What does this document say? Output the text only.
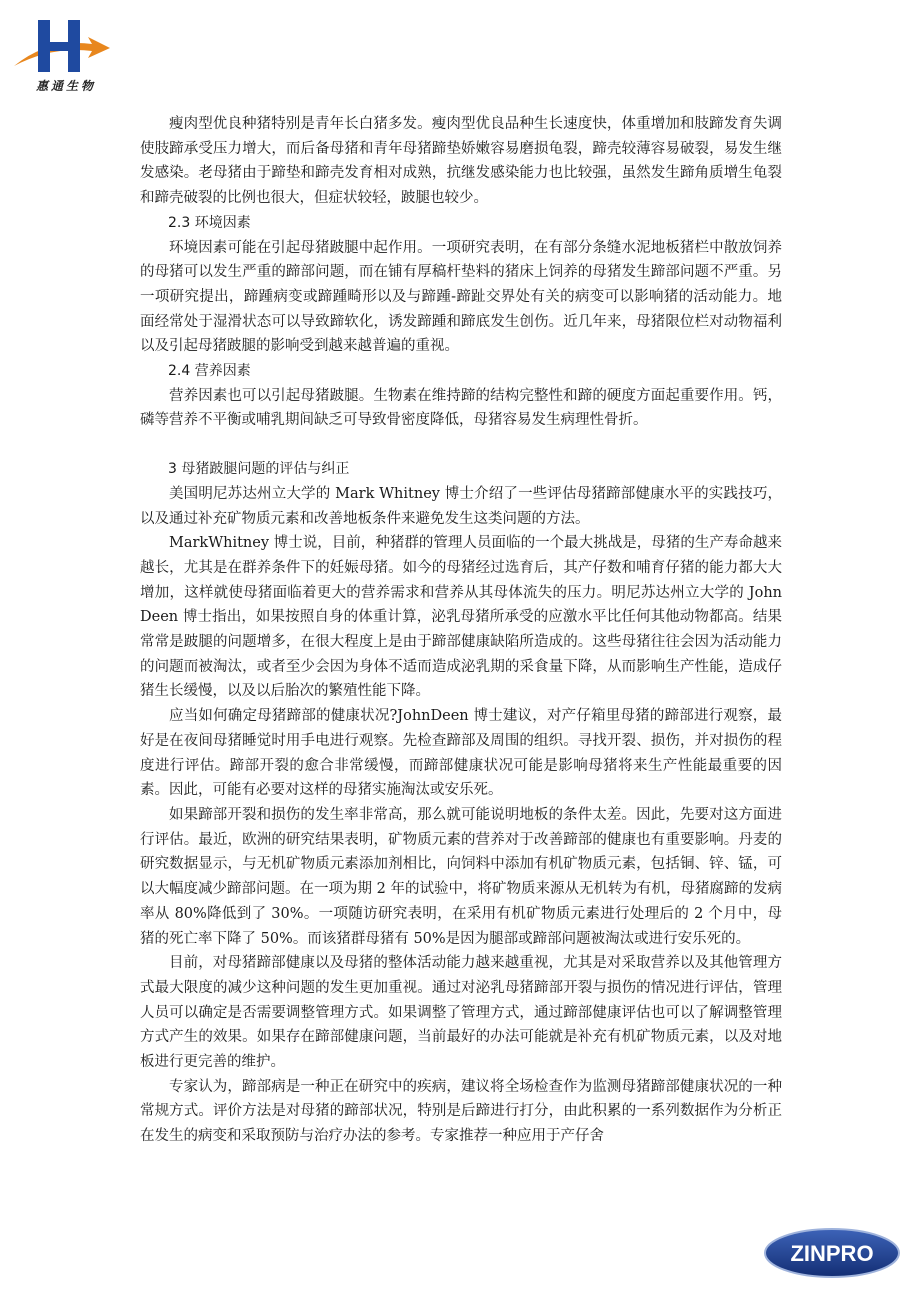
惠通生物

瘦肉型优良种猪特别是青年长白猪多发。瘦肉型优良品种生长速度快，体重增加和肢蹄发育失调使肢蹄承受压力增大，而后备母猪和青年母猪蹄垫娇嫩容易磨损龟裂，蹄壳较薄容易破裂，易发生继发感染。老母猪由于蹄垫和蹄壳发育相对成熟，抗继发感染能力也比较强，虽然发生蹄角质增生龟裂和蹄壳破裂的比例也很大，但症状较轻，跛腿也较少。

2.3 环境因素

环境因素可能在引起母猪跛腿中起作用。一项研究表明，在有部分条缝水泥地板猪栏中散放饲养的母猪可以发生严重的蹄部问题，而在铺有厚稿杆垫料的猪床上饲养的母猪发生蹄部问题不严重。另一项研究提出，蹄踵病变或蹄踵畸形以及与蹄踵-蹄趾交界处有关的病变可以影响猪的活动能力。地面经常处于湿滑状态可以导致蹄软化，诱发蹄踵和蹄底发生创伤。近几年来，母猪限位栏对动物福利以及引起母猪跛腿的影响受到越来越普遍的重视。

2.4 营养因素

营养因素也可以引起母猪跛腿。生物素在维持蹄的结构完整性和蹄的硬度方面起重要作用。钙，磷等营养不平衡或哺乳期间缺乏可导致骨密度降低，母猪容易发生病理性骨折。

3 母猪跛腿问题的评估与纠正

美国明尼苏达州立大学的 Mark Whitney 博士介绍了一些评估母猪蹄部健康水平的实践技巧，以及通过补充矿物质元素和改善地板条件来避免发生这类问题的方法。

MarkWhitney 博士说，目前，种猪群的管理人员面临的一个最大挑战是，母猪的生产寿命越来越长，尤其是在群养条件下的妊娠母猪。如今的母猪经过选育后，其产仔数和哺育仔猪的能力都大大增加，这样就使母猪面临着更大的营养需求和营养从其母体流失的压力。明尼苏达州立大学的 John Deen 博士指出，如果按照自身的体重计算，泌乳母猪所承受的应激水平比任何其他动物都高。结果常常是跛腿的问题增多，在很大程度上是由于蹄部健康缺陷所造成的。这些母猪往往会因为活动能力的问题而被淘汰，或者至少会因为身体不适而造成泌乳期的采食量下降，从而影响生产性能，造成仔猪生长缓慢，以及以后胎次的繁殖性能下降。

应当如何确定母猪蹄部的健康状况?JohnDeen 博士建议，对产仔箱里母猪的蹄部进行观察，最好是在夜间母猪睡觉时用手电进行观察。先检查蹄部及周围的组织。寻找开裂、损伤，并对损伤的程度进行评估。蹄部开裂的愈合非常缓慢，而蹄部健康状况可能是影响母猪将来生产性能最重要的因素。因此，可能有必要对这样的母猪实施淘汰或安乐死。

如果蹄部开裂和损伤的发生率非常高，那么就可能说明地板的条件太差。因此，先要对这方面进行评估。最近，欧洲的研究结果表明，矿物质元素的营养对于改善蹄部的健康也有重要影响。丹麦的研究数据显示，与无机矿物质元素添加剂相比，向饲料中添加有机矿物质元素，包括铜、锌、锰，可以大幅度减少蹄部问题。在一项为期 2 年的试验中，将矿物质来源从无机转为有机，母猪腐蹄的发病率从 80%降低到了 30%。一项随访研究表明，在采用有机矿物质元素进行处理后的 2 个月中，母猪的死亡率下降了 50%。而该猪群母猪有 50%是因为腿部或蹄部问题被淘汰或进行安乐死的。

目前，对母猪蹄部健康以及母猪的整体活动能力越来越重视，尤其是对采取营养以及其他管理方式最大限度的减少这种问题的发生更加重视。通过对泌乳母猪蹄部开裂与损伤的情况进行评估，管理人员可以确定是否需要调整管理方式。如果调整了管理方式，通过蹄部健康评估也可以了解调整管理方式产生的效果。如果存在蹄部健康问题，当前最好的办法可能就是补充有机矿物质元素，以及对地板进行更完善的维护。

专家认为，蹄部病是一种正在研究中的疾病，建议将全场检查作为监测母猪蹄部健康状况的一种常规方式。评价方法是对母猪的蹄部状况，特别是后蹄进行打分，由此积累的一系列数据作为分析正在发生的病变和采取预防与治疗办法的参考。专家推荐一种应用于产仔舍

ZINPRO
